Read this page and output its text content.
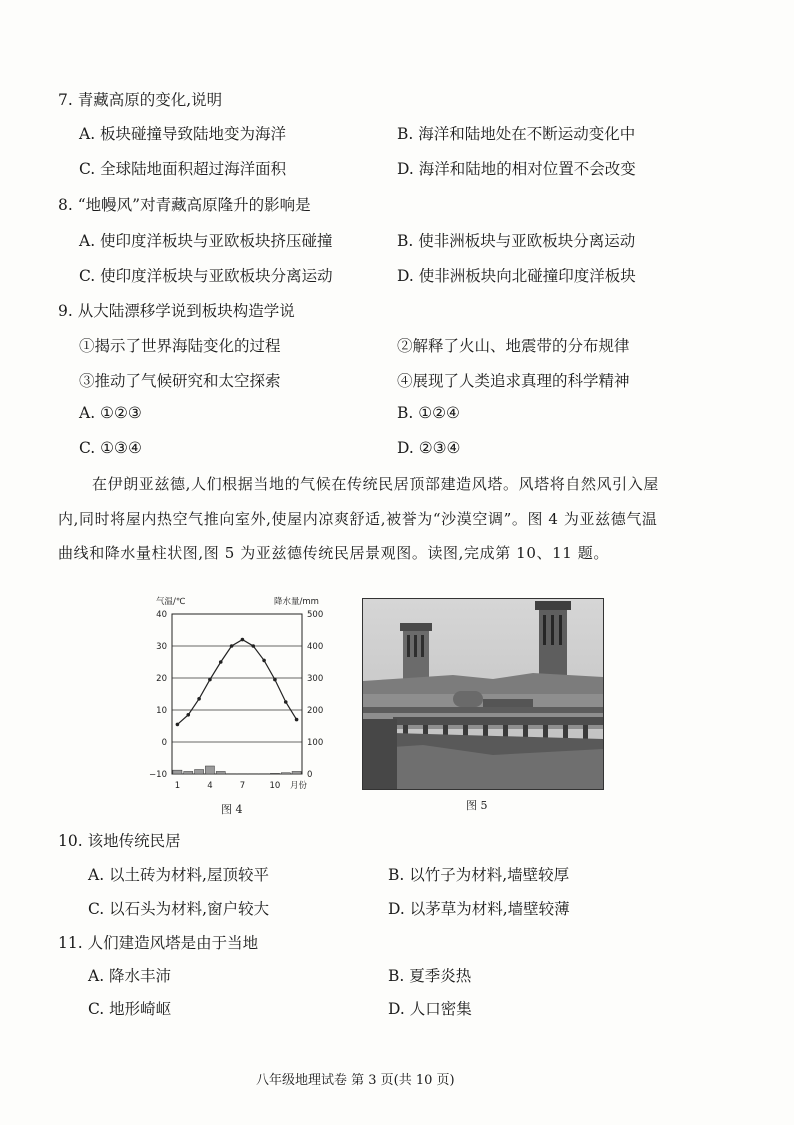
7. 青藏高原的变化,说明
A. 板块碰撞导致陆地变为海洋	B. 海洋和陆地处在不断运动变化中
C. 全球陆地面积超过海洋面积	D. 海洋和陆地的相对位置不会改变
8. “地幔风”对青藏高原隆升的影响是
A. 使印度洋板块与亚欧板块挤压碰撞	B. 使非洲板块与亚欧板块分离运动
C. 使印度洋板块与亚欧板块分离运动	D. 使非洲板块向北碰撞印度洋板块
9. 从大陆漂移学说到板块构造学说
①揭示了世界海陆变化的过程	②解释了火山、地震带的分布规律
③推动了气候研究和太空探索	④展现了人类追求真理的科学精神
A. ①②③	B. ①②④
C. ①③④	D. ②③④
在伊朗亚兹德,人们根据当地的气候在传统民居顶部建造风塔。风塔将自然风引入屋
内,同时将屋内热空气推向室外,使屋内凉爽舒适,被誉为“沙漠空调”。图 4 为亚兹德气温
曲线和降水量柱状图,图 5 为亚兹德传统民居景观图。读图,完成第 10、11 题。
40
30
20
10
0
−10
500
400
300
200
100
0
气温/℃	降水量/mm
1	4	7	10 月份
图 4	图 5
10. 该地传统民居
A. 以土砖为材料,屋顶较平	B. 以竹子为材料,墙壁较厚
C. 以石头为材料,窗户较大	D. 以茅草为材料,墙壁较薄
11. 人们建造风塔是由于当地
A. 降水丰沛	B. 夏季炎热
C. 地形崎岖	D. 人口密集
八年级地理试卷 第 3 页(共 10 页)
